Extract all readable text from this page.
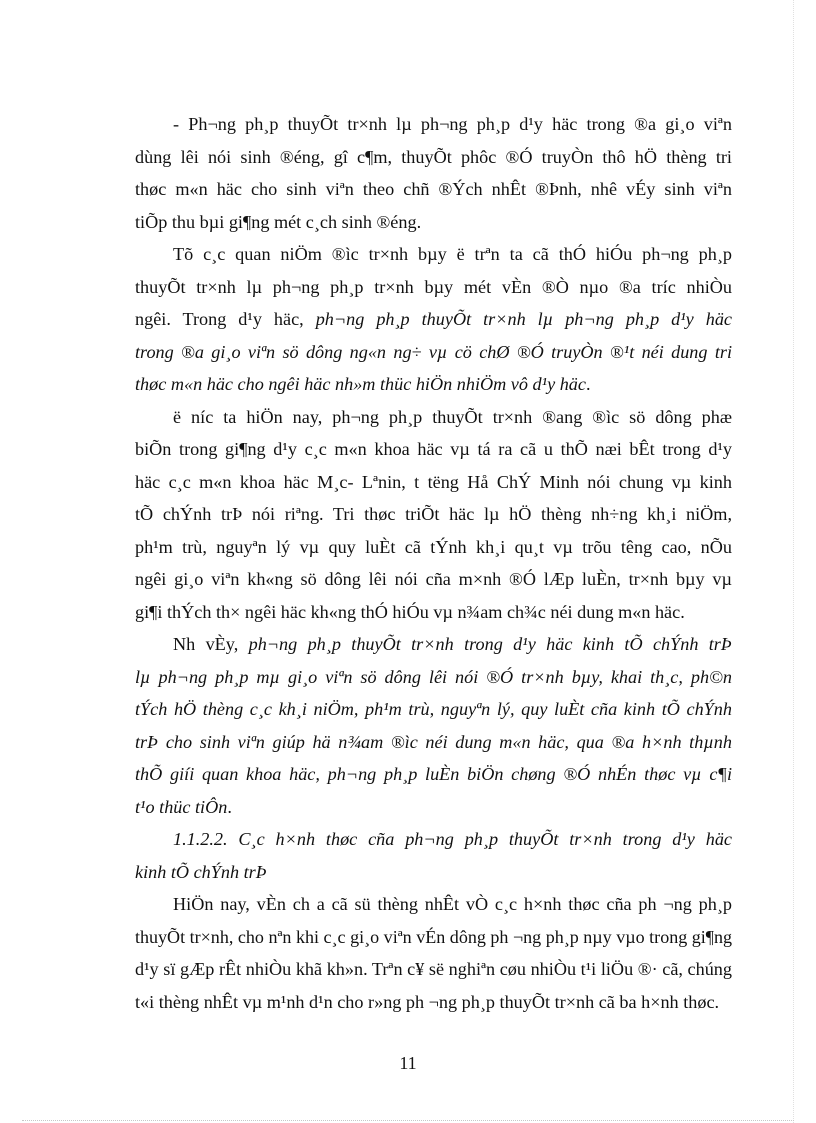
- Ph¬ng ph¸p thuyÕt tr×nh lµ ph¬ng ph¸p d¹y häc trong ®a gi¸o viªn
dùng lêi nói sinh ®éng, gî c¶m, thuyÕt phôc ®Ó truyÒn thô hÖ thèng tri
thøc m«n häc cho sinh viªn theo chñ ®Ých nhÊt ®Þnh, nhê vÉy sinh viªn
tiÕp thu bµi gi¶ng mét c¸ch sinh ®éng.
Tõ c¸c quan niÖm ®ìc tr×nh bµy ë trªn ta cã thÓ hiÓu ph¬ng ph¸p
thuyÕt tr×nh lµ ph¬ng ph¸p tr×nh bµy mét vÈn ®Ò nµo ®a tríc nhiÒu
ngêi. Trong d¹y häc, ph¬ng ph¸p thuyÕt tr×nh lµ ph¬ng ph¸p d¹y häc
trong ®a gi¸o viªn sö dông ng«n ng÷ vµ cö chØ ®Ó truyÒn ®¹t néi dung tri
thøc m«n häc cho ngêi häc nh»m thüc hiÖn nhiÖm vô d¹y häc.
ë níc ta hiÖn nay, ph¬ng ph¸p thuyÕt tr×nh ®ang ®ìc sö dông phæ
biÕn trong gi¶ng d¹y c¸c m«n khoa häc vµ tá ra cã u thÕ næi bÊt trong d¹y
häc c¸c m«n khoa häc M¸c- Lªnin, t tëng Hå ChÝ Minh nói chung vµ kinh
tÕ chÝnh trÞ nói riªng. Tri thøc triÕt häc lµ hÖ thèng nh÷ng kh¸i niÖm,
ph¹m trù, nguyªn lý vµ quy luÈt cã tÝnh kh¸i qu¸t vµ trõu têng cao, nÕu
ngêi gi¸o viªn kh«ng sö dông lêi nói cña m×nh ®Ó lÆp luÈn, tr×nh bµy vµ
gi¶i thÝch th× ngêi häc kh«ng thÓ hiÓu vµ n¾am ch¾c néi dung m«n häc.
Nh vÈy, ph¬ng ph¸p thuyÕt tr×nh trong d¹y häc kinh tÕ chÝnh trÞ
lµ ph¬ng ph¸p mµ gi¸o viªn sö dông lêi nói ®Ó tr×nh bµy, khai th¸c, ph©n
tÝch hÖ thèng c¸c kh¸i niÖm, ph¹m trù, nguyªn lý, quy luÈt cña kinh tÕ chÝnh
trÞ cho sinh viªn giúp hä n¾am ®ìc néi dung m«n häc, qua ®a h×nh thµnh
thÕ giíi quan khoa häc, ph¬ng ph¸p luÈn biÖn chøng ®Ó nhÉn thøc vµ c¶i
t¹o thüc tiÔn.
1.1.2.2. C¸c h×nh thøc cña ph¬ng ph¸p thuyÕt tr×nh trong d¹y häc
kinh tÕ chÝnh trÞ
HiÖn nay, vÈn ch a cã sü thèng nhÊt vÒ c¸c h×nh thøc cña ph ¬ng ph¸p
thuyÕt tr×nh, cho nªn khi c¸c gi¸o viªn vÉn dông ph ¬ng ph¸p nµy vµo trong gi¶ng
d¹y sï gÆp rÊt nhiÒu khã kh»n. Trªn c¥ së nghiªn cøu nhiÒu t¹i liÖu ®· cã, chúng
t«i thèng nhÊt vµ m¹nh d¹n cho r»ng ph ¬ng ph¸p thuyÕt tr×nh cã ba h×nh thøc.
11
